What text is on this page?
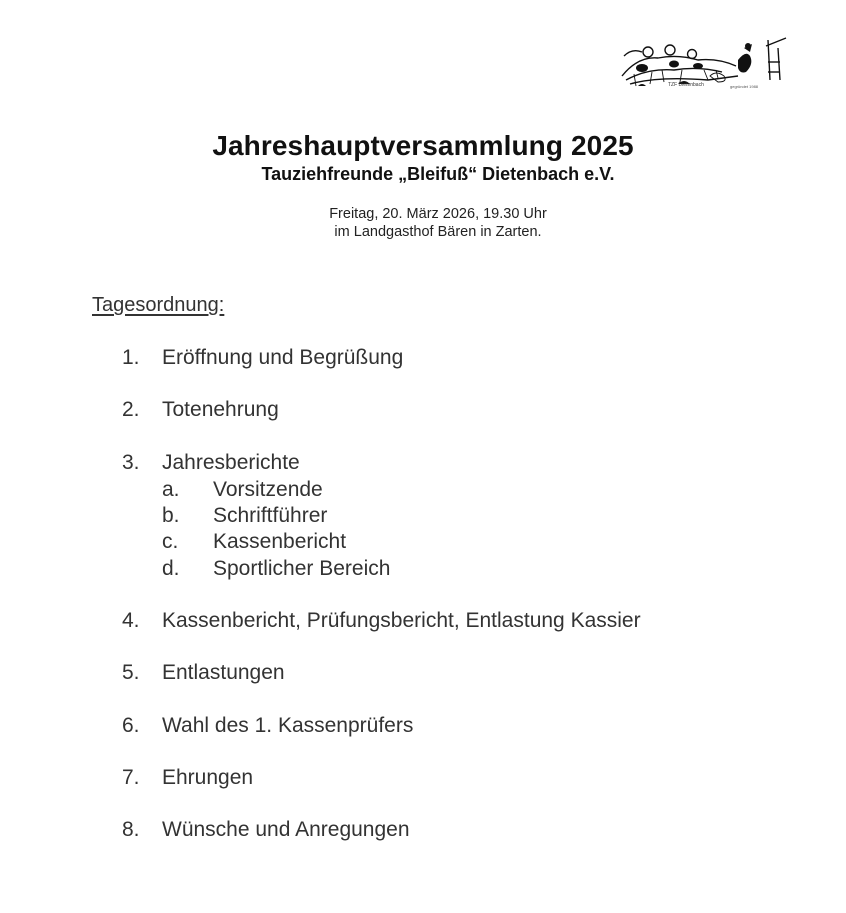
TZF Dietenbach	gegründet 1988
Jahreshauptversammlung 2025
Tauziehfreunde „Bleifuß“ Dietenbach e.V.
Freitag, 20. März 2026, 19.30 Uhr
im Landgasthof Bären in Zarten.
Tagesordnung:
1. Eröffnung und Begrüßung
2. Totenehrung
3. Jahresberichte
a. Vorsitzende
b. Schriftführer
c. Kassenbericht
d. Sportlicher Bereich
4. Kassenbericht, Prüfungsbericht, Entlastung Kassier
5. Entlastungen
6. Wahl des 1. Kassenprüfers
7. Ehrungen
8. Wünsche und Anregungen
